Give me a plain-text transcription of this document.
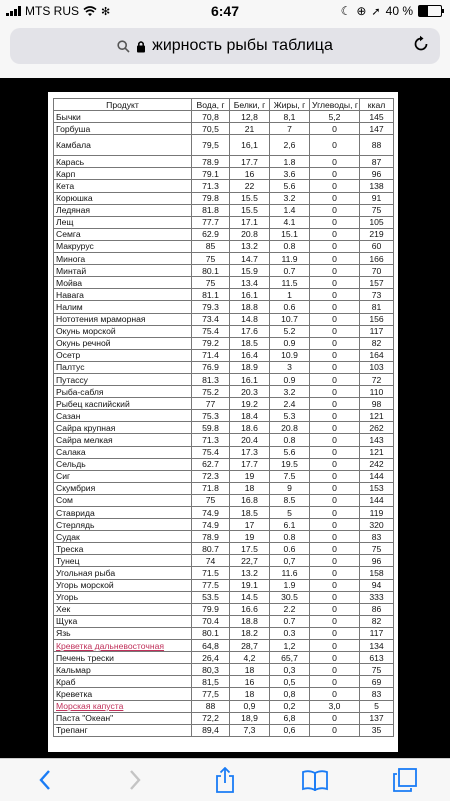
MTS RUS ✻	6:47	☾ ⊕ ➚ 40 %
жирность рыбы таблица
Продукт	Вода, г	Белки, г	Жиры, г	Углеводы, г	ккал
Бычки	70,8	12,8	8,1	5,2	145
Горбуша	70,5	21	7	0	147
Камбала	79,5	16,1	2,6	0	88
Карась	78.9	17.7	1.8	0	87
Карп	79.1	16	3.6	0	96
Кета	71.3	22	5.6	0	138
Корюшка	79.8	15.5	3.2	0	91
Ледяная	81.8	15.5	1.4	0	75
Лещ	77.7	17.1	4.1	0	105
Семга	62.9	20.8	15.1	0	219
Макрурус	85	13.2	0.8	0	60
Минога	75	14.7	11.9	0	166
Минтай	80.1	15.9	0.7	0	70
Мойва	75	13.4	11.5	0	157
Навага	81.1	16.1	1	0	73
Налим	79.3	18.8	0.6	0	81
Нототения мраморная	73.4	14.8	10.7	0	156
Окунь морской	75.4	17.6	5.2	0	117
Окунь речной	79.2	18.5	0.9	0	82
Осетр	71.4	16.4	10.9	0	164
Палтус	76.9	18.9	3	0	103
Путассу	81.3	16.1	0.9	0	72
Рыба-сабля	75.2	20.3	3.2	0	110
Рыбец каспийский	77	19.2	2.4	0	98
Сазан	75.3	18.4	5.3	0	121
Сайра крупная	59.8	18.6	20.8	0	262
Сайра мелкая	71.3	20.4	0.8	0	143
Салака	75.4	17.3	5.6	0	121
Сельдь	62.7	17.7	19.5	0	242
Сиг	72.3	19	7.5	0	144
Скумбрия	71.8	18	9	0	153
Сом	75	16.8	8.5	0	144
Ставрида	74.9	18.5	5	0	119
Стерлядь	74.9	17	6.1	0	320
Судак	78.9	19	0.8	0	83
Треска	80.7	17.5	0.6	0	75
Тунец	74	22,7	0,7	0	96
Угольная рыба	71.5	13.2	11.6	0	158
Угорь морской	77.5	19.1	1.9	0	94
Угорь	53.5	14.5	30.5	0	333
Хек	79.9	16.6	2.2	0	86
Щука	70.4	18.8	0.7	0	82
Язь	80.1	18.2	0.3	0	117
Креветка дальневосточная	64,8	28,7	1,2	0	134
Печень трески	26,4	4,2	65,7	0	613
Кальмар	80,3	18	0,3	0	75
Краб	81,5	16	0,5	0	69
Креветка	77,5	18	0,8	0	83
Морская капуста	88	0,9	0,2	3,0	5
Паста "Океан"	72,2	18,9	6,8	0	137
Трепанг	89,4	7,3	0,6	0	35
